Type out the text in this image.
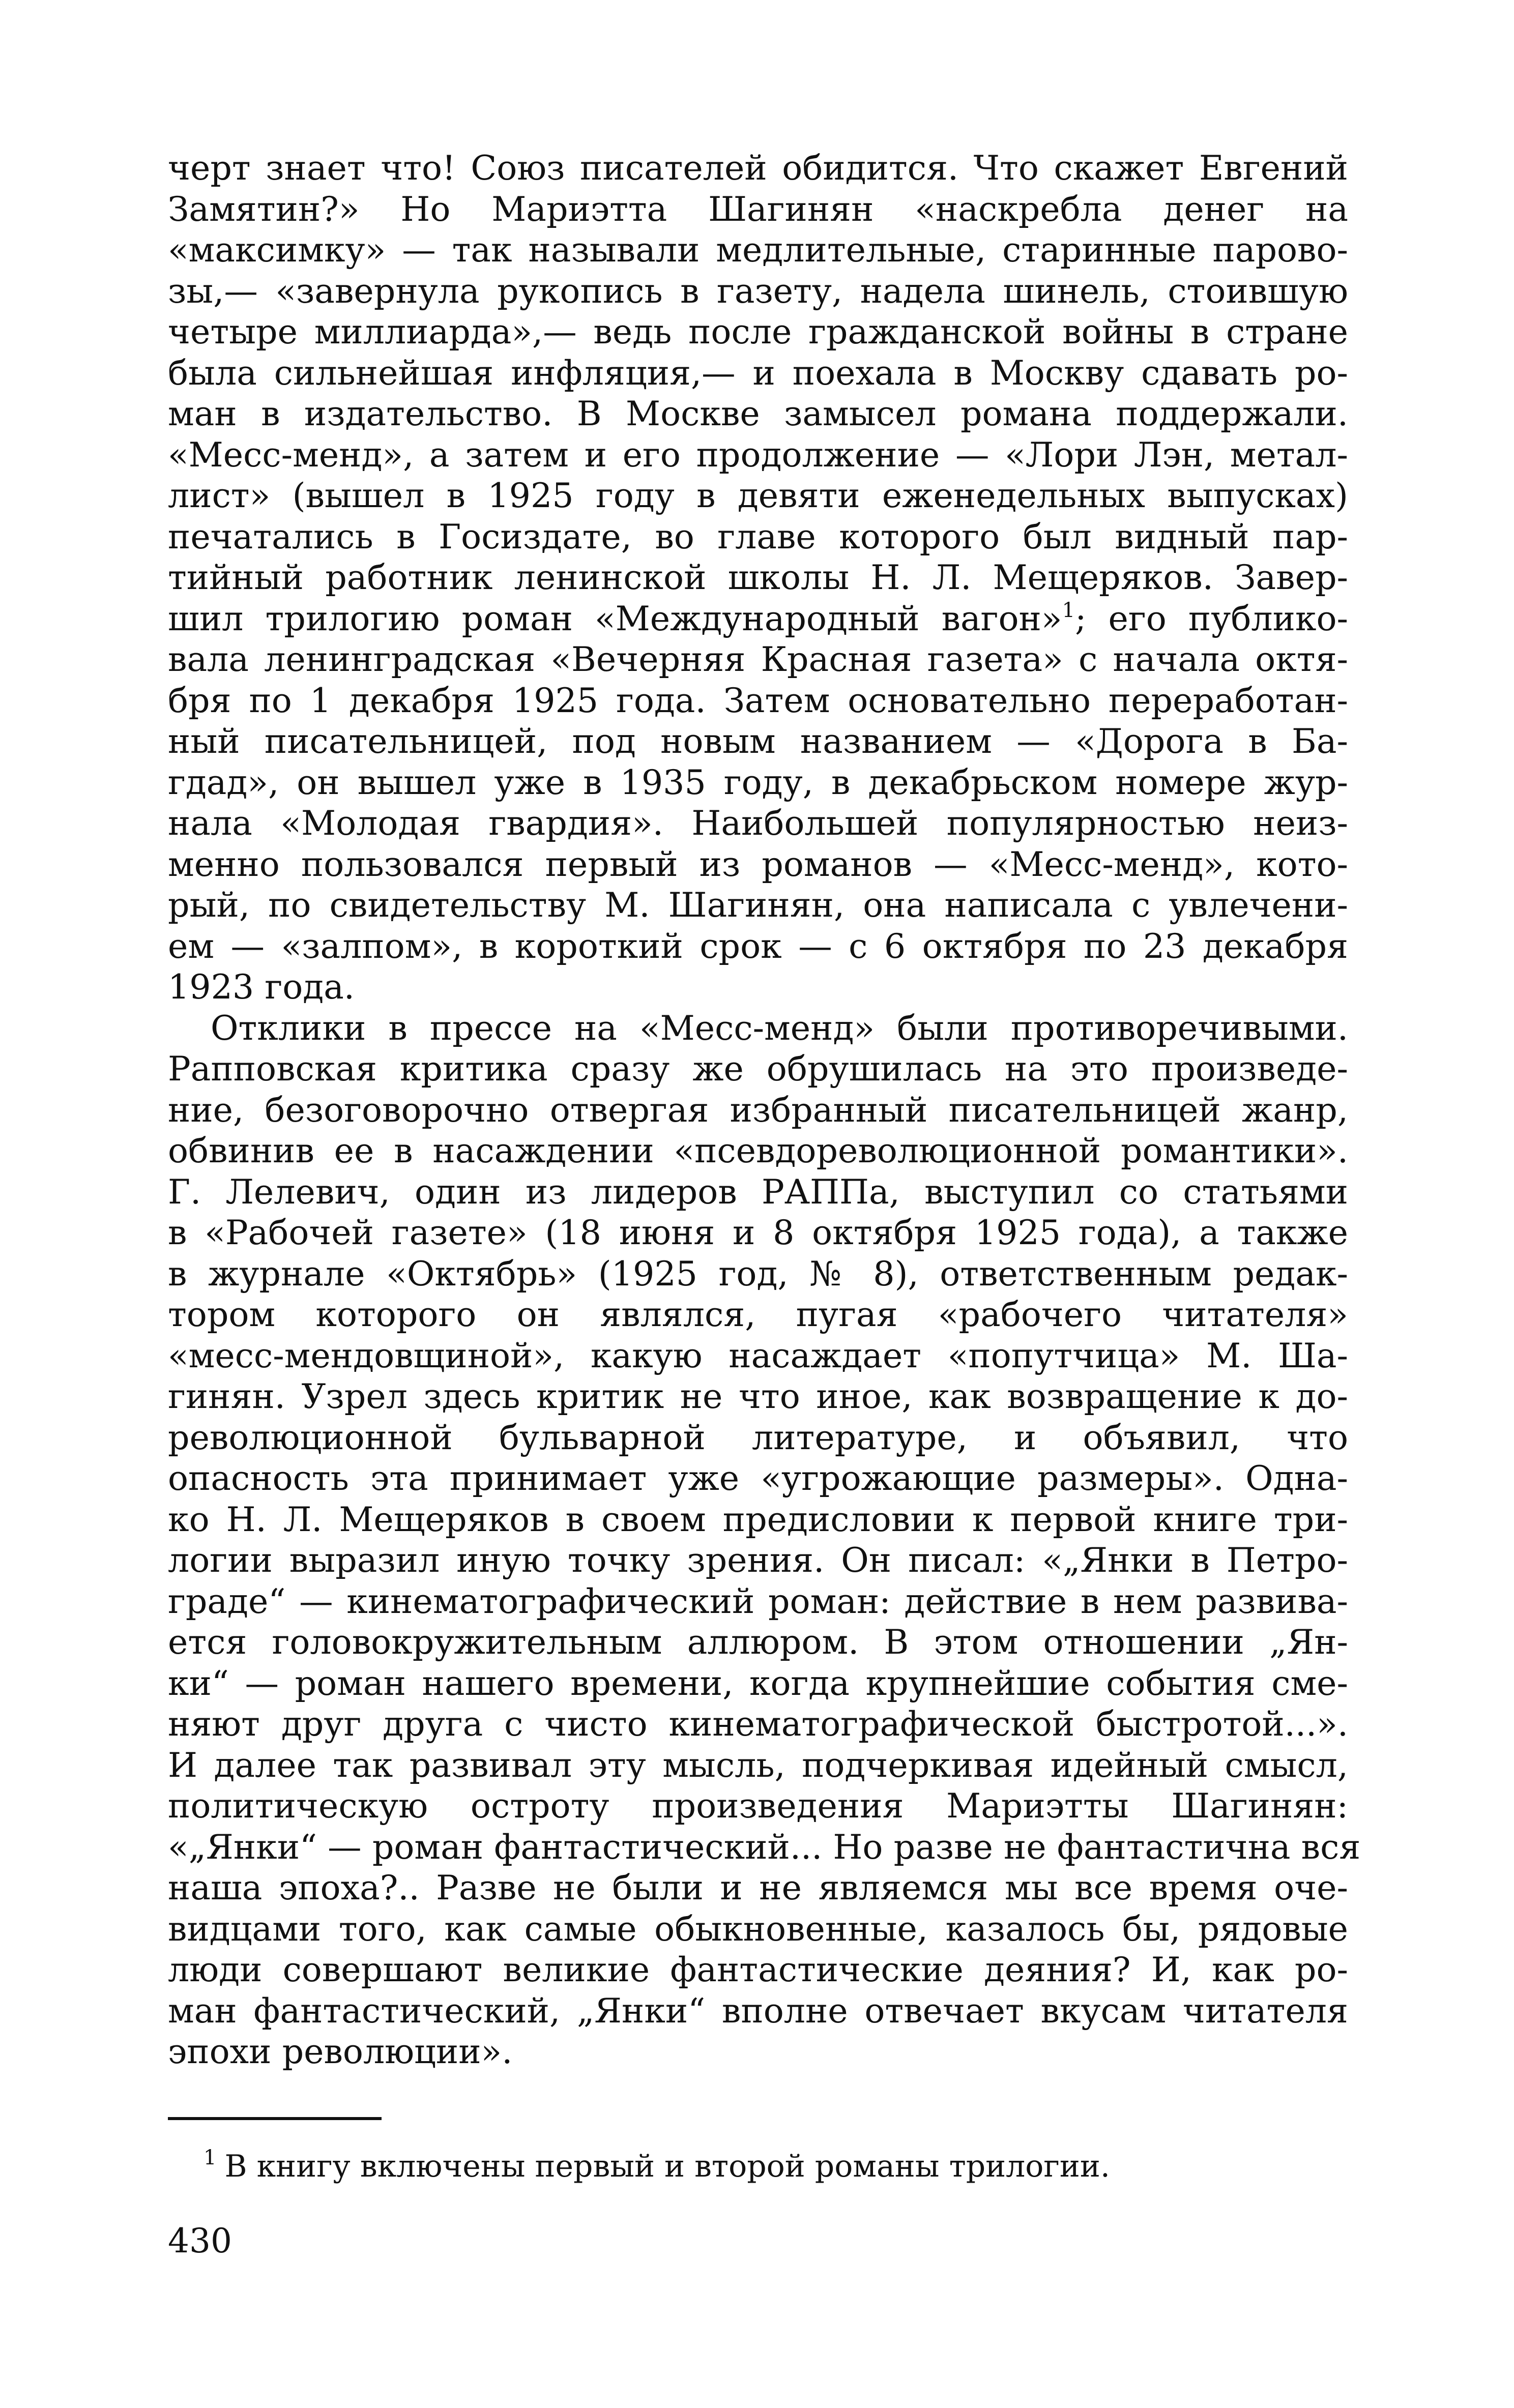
черт знает что! Союз писателей обидится. Что скажет Евгений
Замятин?» Но Мариэтта Шагинян «наскребла денег на
«максимку» — так называли медлительные, старинные парово-
зы,— «завернула рукопись в газету, надела шинель, стоившую
четыре миллиарда»,— ведь после гражданской войны в стране
была сильнейшая инфляция,— и поехала в Москву сдавать ро-
ман в издательство. В Москве замысел романа поддержали.
«Месс-менд», а затем и его продолжение — «Лори Лэн, метал-
лист» (вышел в 1925 году в девяти еженедельных выпусках)
печатались в Госиздате, во главе которого был видный пар-
тийный работник ленинской школы Н. Л. Мещеряков. Завер-
шил трилогию роман «Международный вагон»$^1$; его публико-
вала ленинградская «Вечерняя Красная газета» с начала октя-
бря по 1 декабря 1925 года. Затем основательно переработан-
ный писательницей, под новым названием — «Дорога в Ба-
гдад», он вышел уже в 1935 году, в декабрьском номере жур-
нала «Молодая гвардия». Наибольшей популярностью неиз-
менно пользовался первый из романов — «Месс-менд», кото-
рый, по свидетельству М. Шагинян, она написала с увлечени-
ем — «залпом», в короткий срок — с 6 октября по 23 декабря
1923 года.

Отклики в прессе на «Месс-менд» были противоречивыми.
Рапповская критика сразу же обрушилась на это произведе-
ние, безоговорочно отвергая избранный писательницей жанр,
обвинив ее в насаждении «псевдореволюционной романтики».
Г. Лелевич, один из лидеров РАППа, выступил со статьями
в «Рабочей газете» (18 июня и 8 октября 1925 года), а также
в журнале «Октябрь» (1925 год, № 8), ответственным редак-
тором которого он являлся, пугая «рабочего читателя»
«месс-мендовщиной», какую насаждает «попутчица» М. Ша-
гинян. Узрел здесь критик не что иное, как возвращение к до-
революционной бульварной литературе, и объявил, что
опасность эта принимает уже «угрожающие размеры». Одна-
ко Н. Л. Мещеряков в своем предисловии к первой книге три-
логии выразил иную точку зрения. Он писал: «„Янки в Петро-
граде“ — кинематографический роман: действие в нем развива-
ется головокружительным аллюром. В этом отношении „Ян-
ки“ — роман нашего времени, когда крупнейшие события сме-
няют друг друга с чисто кинематографической быстротой...».
И далее так развивал эту мысль, подчеркивая идейный смысл,
политическую остроту произведения Мариэтты Шагинян:
«„Янки“ — роман фантастический... Но разве не фантастична вся
наша эпоха?.. Разве не были и не являемся мы все время оче-
видцами того, как самые обыкновенные, казалось бы, рядовые
люди совершают великие фантастические деяния? И, как ро-
ман фантастический, „Янки“ вполне отвечает вкусам читателя
эпохи революции».

1 В книгу включены первый и второй романы трилогии.
430
